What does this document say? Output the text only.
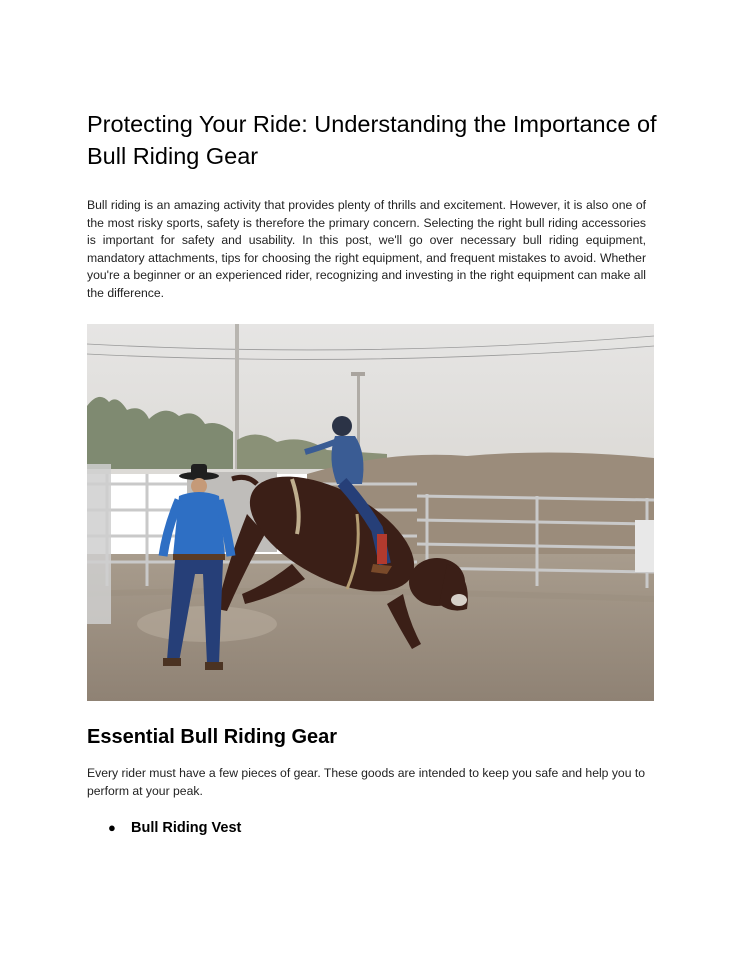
Protecting Your Ride: Understanding the Importance of Bull Riding Gear

Bull riding is an amazing activity that provides plenty of thrills and excitement. However, it is also one of the most risky sports, safety is therefore the primary concern. Selecting the right bull riding accessories is important for safety and usability. In this post, we'll go over necessary bull riding equipment, mandatory attachments, tips for choosing the right equipment, and frequent mistakes to avoid. Whether you're a beginner or an experienced rider, recognizing and investing in the right equipment can make all the difference.

Essential Bull Riding Gear

Every rider must have a few pieces of gear. These goods are intended to keep you safe and help you to perform at your peak.

●	Bull Riding Vest
